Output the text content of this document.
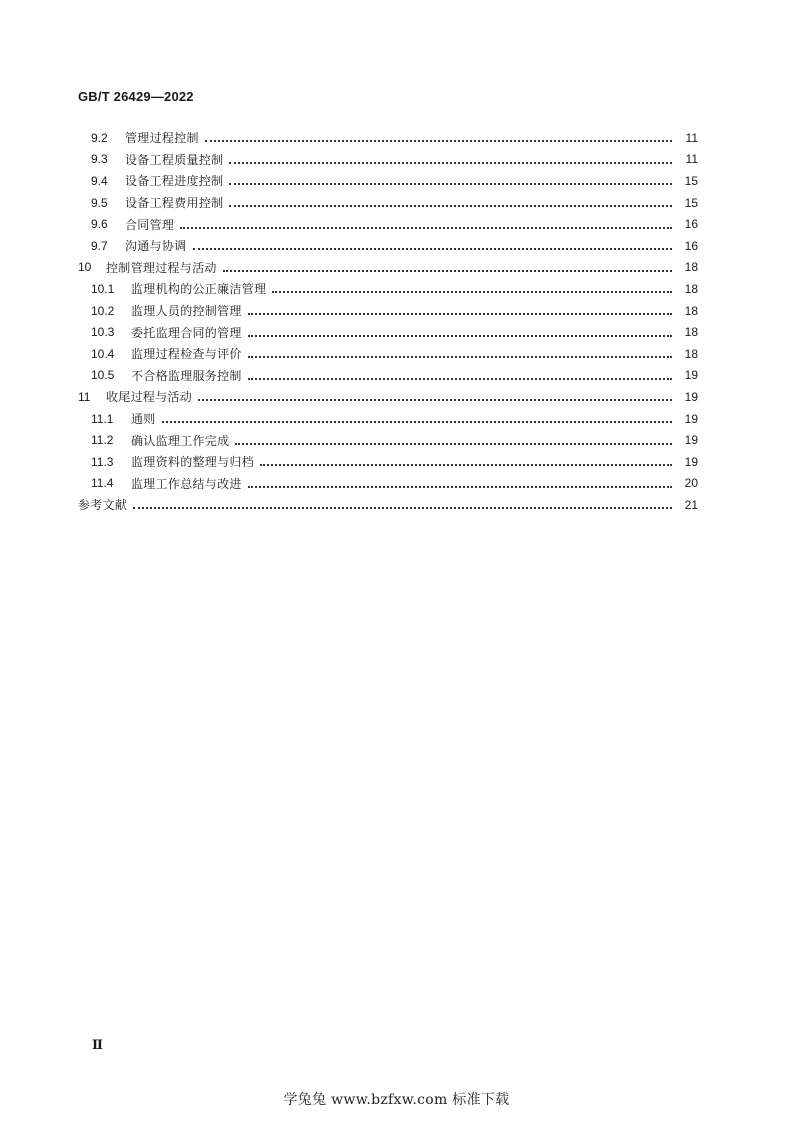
GB/T 26429—2022
9.2	管理过程控制	11
9.3	设备工程质量控制	11
9.4	设备工程进度控制	15
9.5	设备工程费用控制	15
9.6	合同管理	16
9.7	沟通与协调	16
10	控制管理过程与活动	18
10.1	监理机构的公正廉洁管理	18
10.2	监理人员的控制管理	18
10.3	委托监理合同的管理	18
10.4	监理过程检查与评价	18
10.5	不合格监理服务控制	19
11	收尾过程与活动	19
11.1	通则	19
11.2	确认监理工作完成	19
11.3	监理资料的整理与归档	19
11.4	监理工作总结与改进	20
参考文献	21
Ⅱ
学兔兔 www.bzfxw.com 标准下载
